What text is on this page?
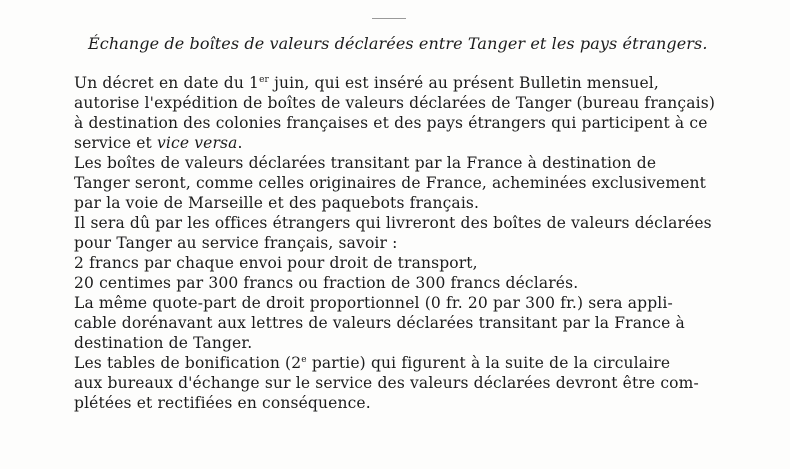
Échange de boîtes de valeurs déclarées entre Tanger et les pays étrangers.
Un décret en date du 1er juin, qui est inséré au présent Bulletin mensuel,
autorise l'expédition de boîtes de valeurs déclarées de Tanger (bureau français)
à destination des colonies françaises et des pays étrangers qui participent à ce
service et vice versa.
Les boîtes de valeurs déclarées transitant par la France à destination de
Tanger seront, comme celles originaires de France, acheminées exclusivement
par la voie de Marseille et des paquebots français.
Il sera dû par les offices étrangers qui livreront des boîtes de valeurs déclarées
pour Tanger au service français, savoir :
2 francs par chaque envoi pour droit de transport,
20 centimes par 300 francs ou fraction de 300 francs déclarés.
La même quote-part de droit proportionnel (0 fr. 20 par 300 fr.) sera appli-
cable dorénavant aux lettres de valeurs déclarées transitant par la France à
destination de Tanger.
Les tables de bonification (2e partie) qui figurent à la suite de la circulaire
aux bureaux d'échange sur le service des valeurs déclarées devront être com-
plétées et rectifiées en conséquence.
